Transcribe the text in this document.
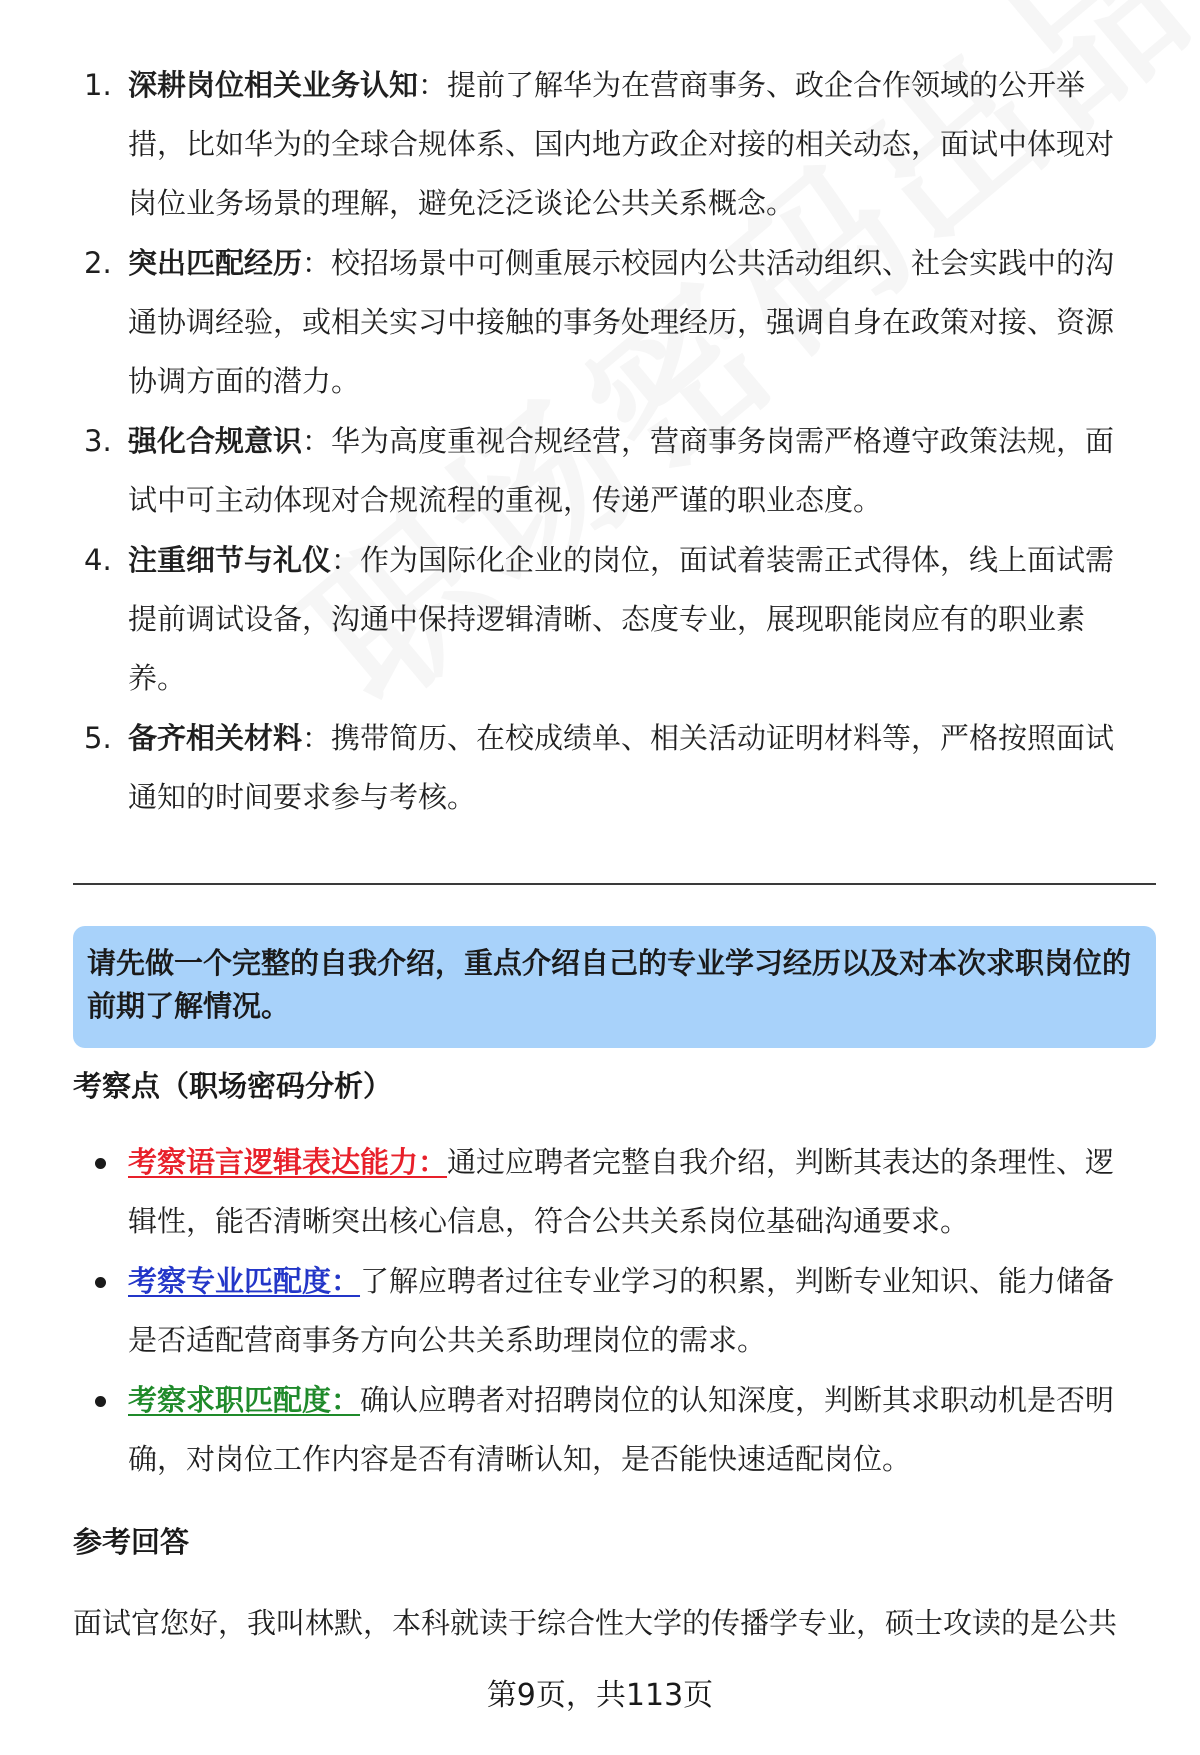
1. 深耕岗位相关业务认知：提前了解华为在营商事务、政企合作领域的公开举措，比如华为的全球合规体系、国内地方政企对接的相关动态，面试中体现对岗位业务场景的理解，避免泛泛谈论公共关系概念。
2. 突出匹配经历：校招场景中可侧重展示校园内公共活动组织、社会实践中的沟通协调经验，或相关实习中接触的事务处理经历，强调自身在政策对接、资源协调方面的潜力。
3. 强化合规意识：华为高度重视合规经营，营商事务岗需严格遵守政策法规，面试中可主动体现对合规流程的重视，传递严谨的职业态度。
4. 注重细节与礼仪：作为国际化企业的岗位，面试着装需正式得体，线上面试需提前调试设备，沟通中保持逻辑清晰、态度专业，展现职能岗应有的职业素养。
5. 备齐相关材料：携带简历、在校成绩单、相关活动证明材料等，严格按照面试通知的时间要求参与考核。
请先做一个完整的自我介绍，重点介绍自己的专业学习经历以及对本次求职岗位的前期了解情况。
考察点（职场密码分析）
考察语言逻辑表达能力：通过应聘者完整自我介绍，判断其表达的条理性、逻辑性，能否清晰突出核心信息，符合公共关系岗位基础沟通要求。
考察专业匹配度：了解应聘者过往专业学习的积累，判断专业知识、能力储备是否适配营商事务方向公共关系助理岗位的需求。
考察求职匹配度：确认应聘者对招聘岗位的认知深度，判断其求职动机是否明确，对岗位工作内容是否有清晰认知，是否能快速适配岗位。
参考回答
面试官您好，我叫林默，本科就读于综合性大学的传播学专业，硕士攻读的是公共
第9页，共113页
